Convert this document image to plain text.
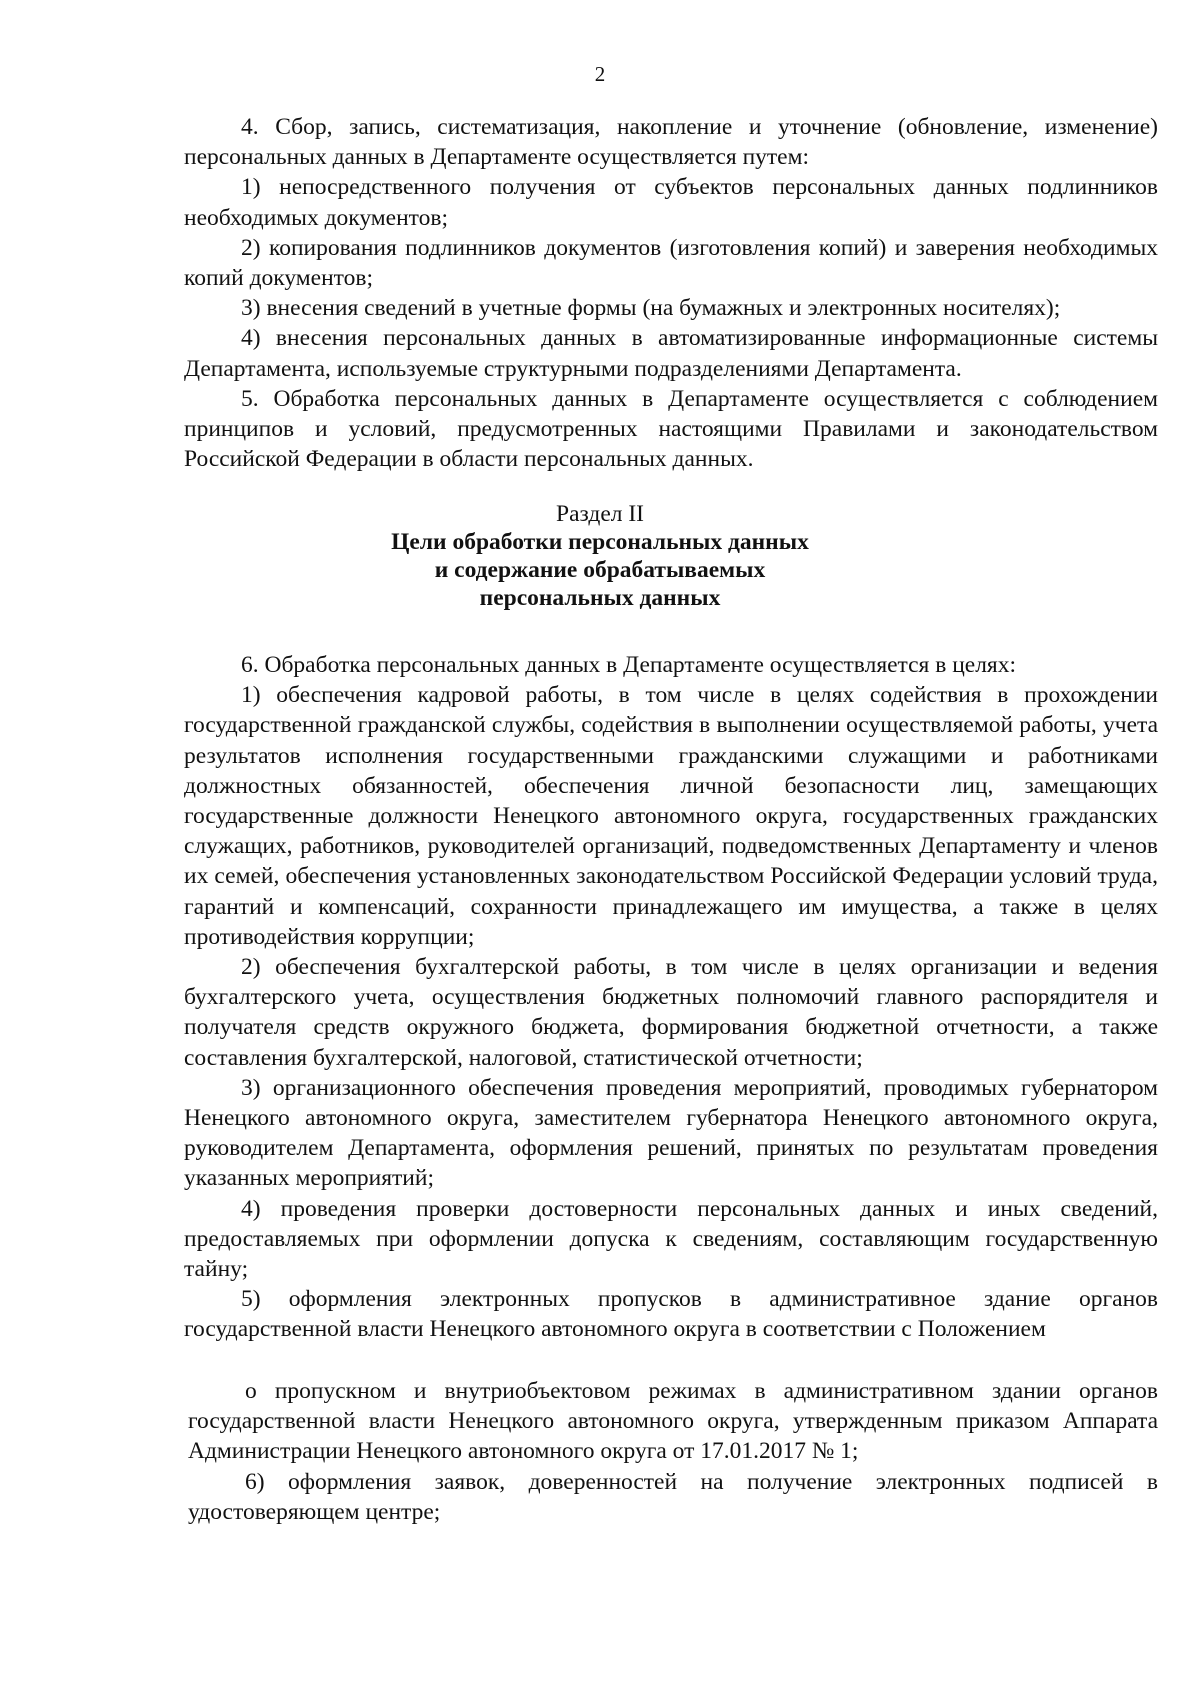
2

4. Сбор, запись, систематизация, накопление и уточнение (обновление, изменение) персональных данных в Департаменте осуществляется путем:

1) непосредственного получения от субъектов персональных данных подлинников необходимых документов;

2) копирования подлинников документов (изготовления копий) и заверения необходимых копий документов;

3) внесения сведений в учетные формы (на бумажных и электронных носителях);

4) внесения персональных данных в автоматизированные информационные системы Департамента, используемые структурными подразделениями Департамента.

5. Обработка персональных данных в Департаменте осуществляется с соблюдением принципов и условий, предусмотренных настоящими Правилами и законодательством Российской Федерации в области персональных данных.

Раздел II
Цели обработки персональных данных
и содержание обрабатываемых
персональных данных

6. Обработка персональных данных в Департаменте осуществляется в целях:

1) обеспечения кадровой работы, в том числе в целях содействия в прохождении государственной гражданской службы, содействия в выполнении осуществляемой работы, учета результатов исполнения государственными гражданскими служащими и работниками должностных обязанностей, обеспечения личной безопасности лиц, замещающих государственные должности Ненецкого автономного округа, государственных гражданских служащих, работников, руководителей организаций, подведомственных Департаменту и членов их семей, обеспечения установленных законодательством Российской Федерации условий труда, гарантий и компенсаций, сохранности принадлежащего им имущества, а также в целях противодействия коррупции;

2) обеспечения бухгалтерской работы, в том числе в целях организации и ведения бухгалтерского учета, осуществления бюджетных полномочий главного распорядителя и получателя средств окружного бюджета, формирования бюджетной отчетности, а также составления бухгалтерской, налоговой, статистической отчетности;

3) организационного обеспечения проведения мероприятий, проводимых губернатором Ненецкого автономного округа, заместителем губернатора Ненецкого автономного округа, руководителем Департамента, оформления решений, принятых по результатам проведения указанных мероприятий;

4) проведения проверки достоверности персональных данных и иных сведений, предоставляемых при оформлении допуска к сведениям, составляющим государственную тайну;

5) оформления электронных пропусков в административное здание органов государственной власти Ненецкого автономного округа в соответствии с Положением

о пропускном и внутриобъектовом режимах в административном здании органов государственной власти Ненецкого автономного округа, утвержденным приказом Аппарата Администрации Ненецкого автономного округа от 17.01.2017 № 1;

6) оформления заявок, доверенностей на получение электронных подписей в удостоверяющем центре;
